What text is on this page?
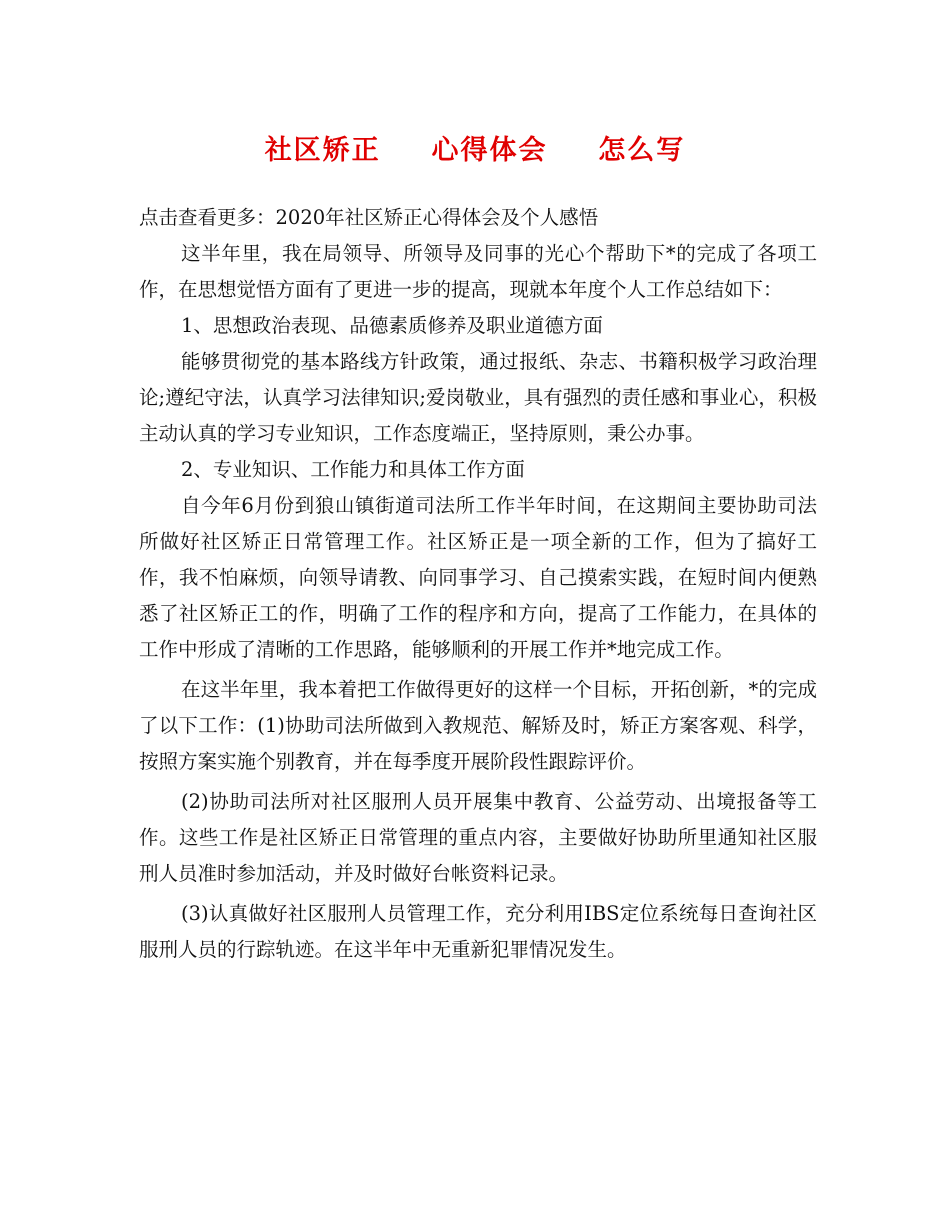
社区矫正  心得体会  怎么写

点击查看更多：2020年社区矫正心得体会及个人感悟

这半年里，我在局领导、所领导及同事的光心个帮助下*的完成了各项工作，在思想觉悟方面有了更进一步的提高，现就本年度个人工作总结如下：

1、思想政治表现、品德素质修养及职业道德方面

能够贯彻党的基本路线方针政策，通过报纸、杂志、书籍积极学习政治理论;遵纪守法，认真学习法律知识;爱岗敬业，具有强烈的责任感和事业心，积极主动认真的学习专业知识，工作态度端正，坚持原则，秉公办事。

2、专业知识、工作能力和具体工作方面

自今年6月份到狼山镇街道司法所工作半年时间，在这期间主要协助司法所做好社区矫正日常管理工作。社区矫正是一项全新的工作，但为了搞好工作，我不怕麻烦，向领导请教、向同事学习、自己摸索实践，在短时间内便熟悉了社区矫正工的作，明确了工作的程序和方向，提高了工作能力，在具体的工作中形成了清晰的工作思路，能够顺利的开展工作并*地完成工作。

在这半年里，我本着把工作做得更好的这样一个目标，开拓创新，*的完成了以下工作：(1)协助司法所做到入教规范、解矫及时，矫正方案客观、科学，按照方案实施个别教育，并在每季度开展阶段性跟踪评价。

(2)协助司法所对社区服刑人员开展集中教育、公益劳动、出境报备等工作。这些工作是社区矫正日常管理的重点内容，主要做好协助所里通知社区服刑人员准时参加活动，并及时做好台帐资料记录。

(3)认真做好社区服刑人员管理工作，充分利用IBS定位系统每日查询社区服刑人员的行踪轨迹。在这半年中无重新犯罪情况发生。
